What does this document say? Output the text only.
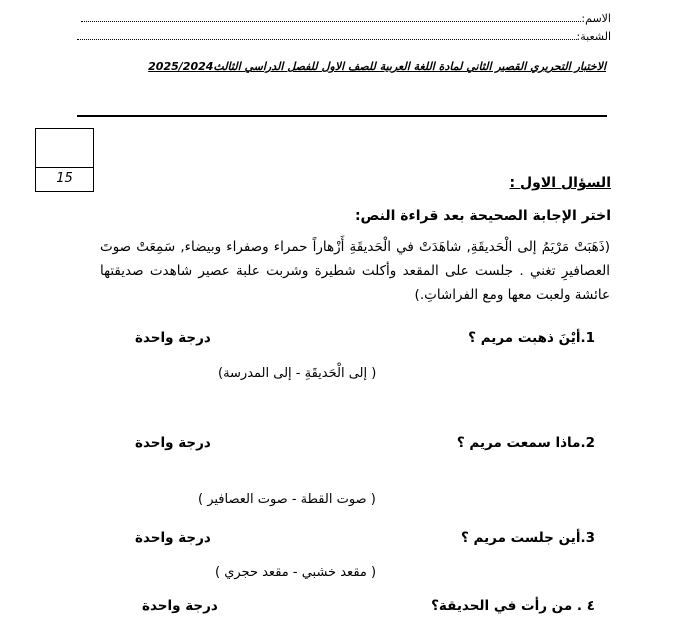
الاسم:
الشعبة:
الاختبار التحريري القصير الثاني لمادة اللغة العربية للصف الاول للفصل الدراسي الثالث2025/2024
15	السؤال الاول :
اختر الإجابة الصحيحة بعد قراءة النص:
(ذَهَبَتْ مَرْيَمُ إلى الْحَديقَةِ, شاهَدَتْ في الْحَديقَةِ أَزْهاراً حمراء وصفراء وبيضاء, سَمِعَتْ صوتَ العصافيرِ تغني . جلست على المقعد وأكلت شطيرة وشربت علبة عصير شاهدت صديقتها عائشة ولعبت معها ومع الفراشاتِ.)
1.أيْنَ ذهبت مريم ؟
درجة واحدة
( إلى الْحَديقَةِ - إلى المدرسة)
2.ماذا سمعت مريم ؟
درجة واحدة
( صوت القطة - صوت العصافير )
3.أين جلست مريم ؟
درجة واحدة
( مقعد خشبي - مقعد حجري )
٤ . من رأت في الحديقة؟
درجة واحدة
